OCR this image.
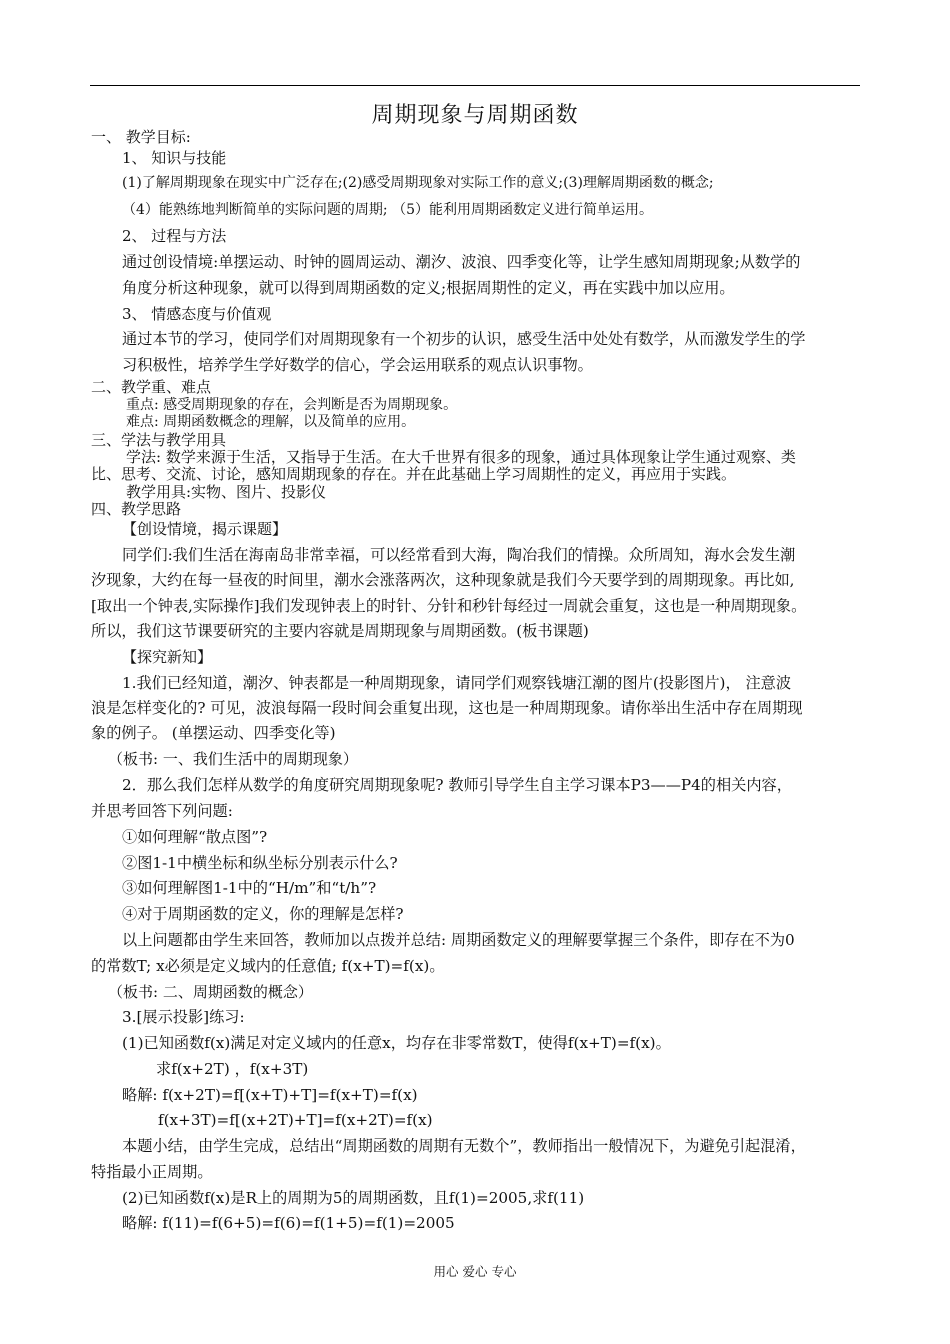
周期现象与周期函数
一、 教学目标:
1、 知识与技能
(1)了解周期现象在现实中广泛存在;(2)感受周期现象对实际工作的意义;(3)理解周期函数的概念;
（4）能熟练地判断简单的实际问题的周期; （5）能利用周期函数定义进行简单运用。
2、 过程与方法
通过创设情境:单摆运动、时钟的圆周运动、潮汐、波浪、四季变化等，让学生感知周期现象;从数学的
角度分析这种现象，就可以得到周期函数的定义;根据周期性的定义，再在实践中加以应用。
3、 情感态度与价值观
通过本节的学习，使同学们对周期现象有一个初步的认识，感受生活中处处有数学，从而激发学生的学
习积极性，培养学生学好数学的信心，学会运用联系的观点认识事物。
二、教学重、难点
重点: 感受周期现象的存在，会判断是否为周期现象。
难点: 周期函数概念的理解，以及简单的应用。
三、学法与教学用具
学法: 数学来源于生活，又指导于生活。在大千世界有很多的现象，通过具体现象让学生通过观察、类
比、思考、交流、讨论，感知周期现象的存在。并在此基础上学习周期性的定义，再应用于实践。
教学用具:实物、图片、投影仪
四、教学思路
【创设情境，揭示课题】
同学们:我们生活在海南岛非常幸福，可以经常看到大海，陶冶我们的情操。众所周知，海水会发生潮
汐现象，大约在每一昼夜的时间里，潮水会涨落两次，这种现象就是我们今天要学到的周期现象。再比如,
[取出一个钟表,实际操作]我们发现钟表上的时针、分针和秒针每经过一周就会重复，这也是一种周期现象。
所以，我们这节课要研究的主要内容就是周期现象与周期函数。(板书课题)
【探究新知】
1.我们已经知道，潮汐、钟表都是一种周期现象，请同学们观察钱塘江潮的图片(投影图片)， 注意波
浪是怎样变化的? 可见，波浪每隔一段时间会重复出现，这也是一种周期现象。请你举出生活中存在周期现
象的例子。 (单摆运动、四季变化等)
（板书: 一、我们生活中的周期现象）
2．那么我们怎样从数学的角度研究周期现象呢? 教师引导学生自主学习课本P3——P4的相关内容，
并思考回答下列问题:
①如何理解“散点图”?
②图1-1中横坐标和纵坐标分别表示什么?
③如何理解图1-1中的“H/m”和“t/h”?
④对于周期函数的定义，你的理解是怎样?
以上问题都由学生来回答，教师加以点拨并总结: 周期函数定义的理解要掌握三个条件，即存在不为0
的常数T; x必须是定义域内的任意值; f(x+T)=f(x)。
（板书: 二、周期函数的概念）
3.[展示投影]练习:
(1)已知函数f(x)满足对定义域内的任意x，均存在非零常数T，使得f(x+T)=f(x)。
求f(x+2T) ，f(x+3T)
略解: f(x+2T)=f[(x+T)+T]=f(x+T)=f(x)
f(x+3T)=f[(x+2T)+T]=f(x+2T)=f(x)
本题小结，由学生完成，总结出“周期函数的周期有无数个”，教师指出一般情况下，为避免引起混淆，
特指最小正周期。
(2)已知函数f(x)是R上的周期为5的周期函数，且f(1)=2005,求f(11)
略解: f(11)=f(6+5)=f(6)=f(1+5)=f(1)=2005
用心 爱心 专心
